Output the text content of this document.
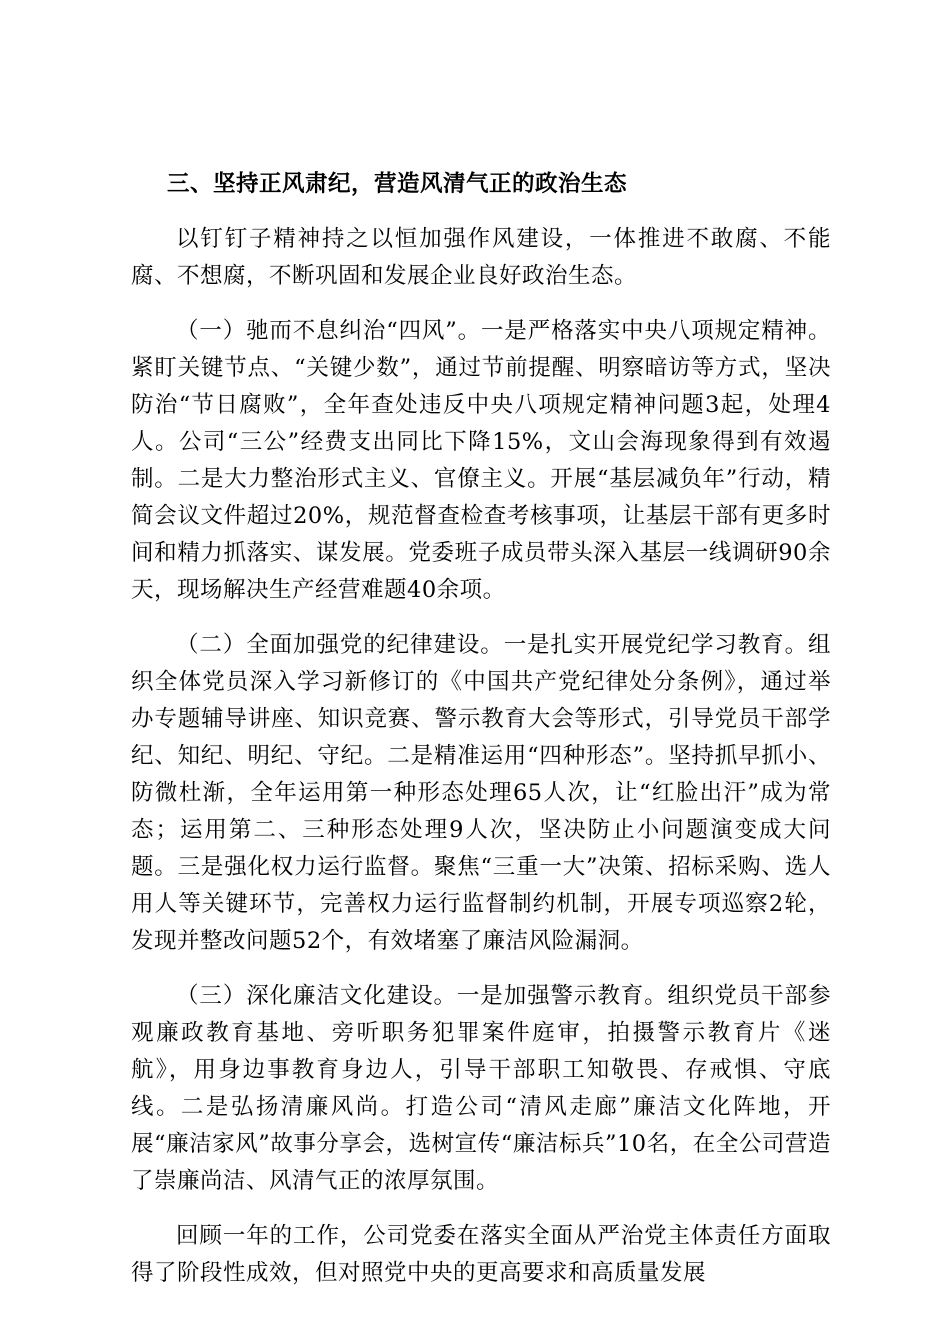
三、坚持正风肃纪，营造风清气正的政治生态

以钉钉子精神持之以恒加强作风建设，一体推进不敢腐、不能腐、不想腐，不断巩固和发展企业良好政治生态。

（一）驰而不息纠治“四风”。一是严格落实中央八项规定精神。紧盯关键节点、“关键少数”，通过节前提醒、明察暗访等方式，坚决防治“节日腐败”，全年查处违反中央八项规定精神问题3起，处理4人。公司“三公”经费支出同比下降15%，文山会海现象得到有效遏制。二是大力整治形式主义、官僚主义。开展“基层减负年”行动，精简会议文件超过20%，规范督查检查考核事项，让基层干部有更多时间和精力抓落实、谋发展。党委班子成员带头深入基层一线调研90余天，现场解决生产经营难题40余项。

（二）全面加强党的纪律建设。一是扎实开展党纪学习教育。组织全体党员深入学习新修订的《中国共产党纪律处分条例》，通过举办专题辅导讲座、知识竞赛、警示教育大会等形式，引导党员干部学纪、知纪、明纪、守纪。二是精准运用“四种形态”。坚持抓早抓小、防微杜渐，全年运用第一种形态处理65人次，让“红脸出汗”成为常态；运用第二、三种形态处理9人次，坚决防止小问题演变成大问题。三是强化权力运行监督。聚焦“三重一大”决策、招标采购、选人用人等关键环节，完善权力运行监督制约机制，开展专项巡察2轮，发现并整改问题52个，有效堵塞了廉洁风险漏洞。

（三）深化廉洁文化建设。一是加强警示教育。组织党员干部参观廉政教育基地、旁听职务犯罪案件庭审，拍摄警示教育片《迷航》，用身边事教育身边人，引导干部职工知敬畏、存戒惧、守底线。二是弘扬清廉风尚。打造公司“清风走廊”廉洁文化阵地，开展“廉洁家风”故事分享会，选树宣传“廉洁标兵”10名，在全公司营造了崇廉尚洁、风清气正的浓厚氛围。

回顾一年的工作，公司党委在落实全面从严治党主体责任方面取得了阶段性成效，但对照党中央的更高要求和高质量发展
